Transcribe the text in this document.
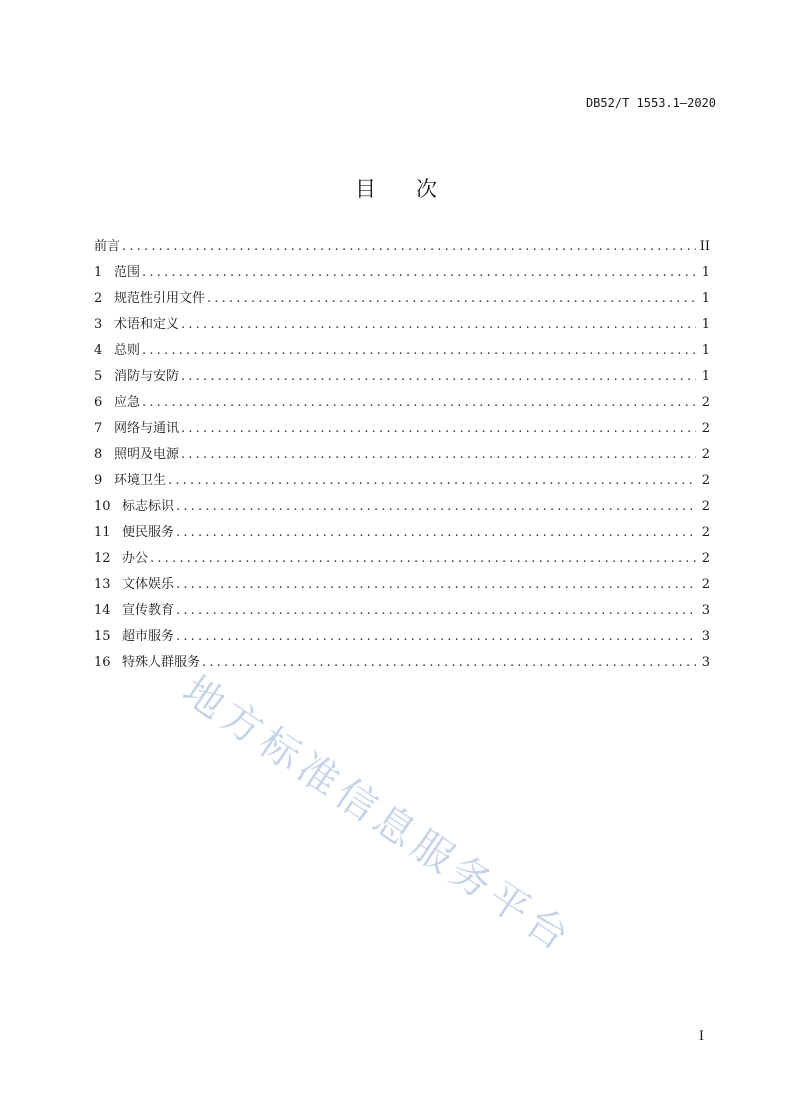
DB52/T 1553.1—2020
目 次
前言 .....	II
1 范围 .....	1
2 规范性引用文件 .....	1
3 术语和定义 .....	1
4 总则 .....	1
5 消防与安防 .....	1
6 应急 .....	2
7 网络与通讯 .....	2
8 照明及电源 .....	2
9 环境卫生 .....	2
10 标志标识 .....	2
11 便民服务 .....	2
12 办公 .....	2
13 文体娱乐 .....	2
14 宣传教育 .....	3
15 超市服务 .....	3
16 特殊人群服务 .....	3
地方标准信息服务平台
I
